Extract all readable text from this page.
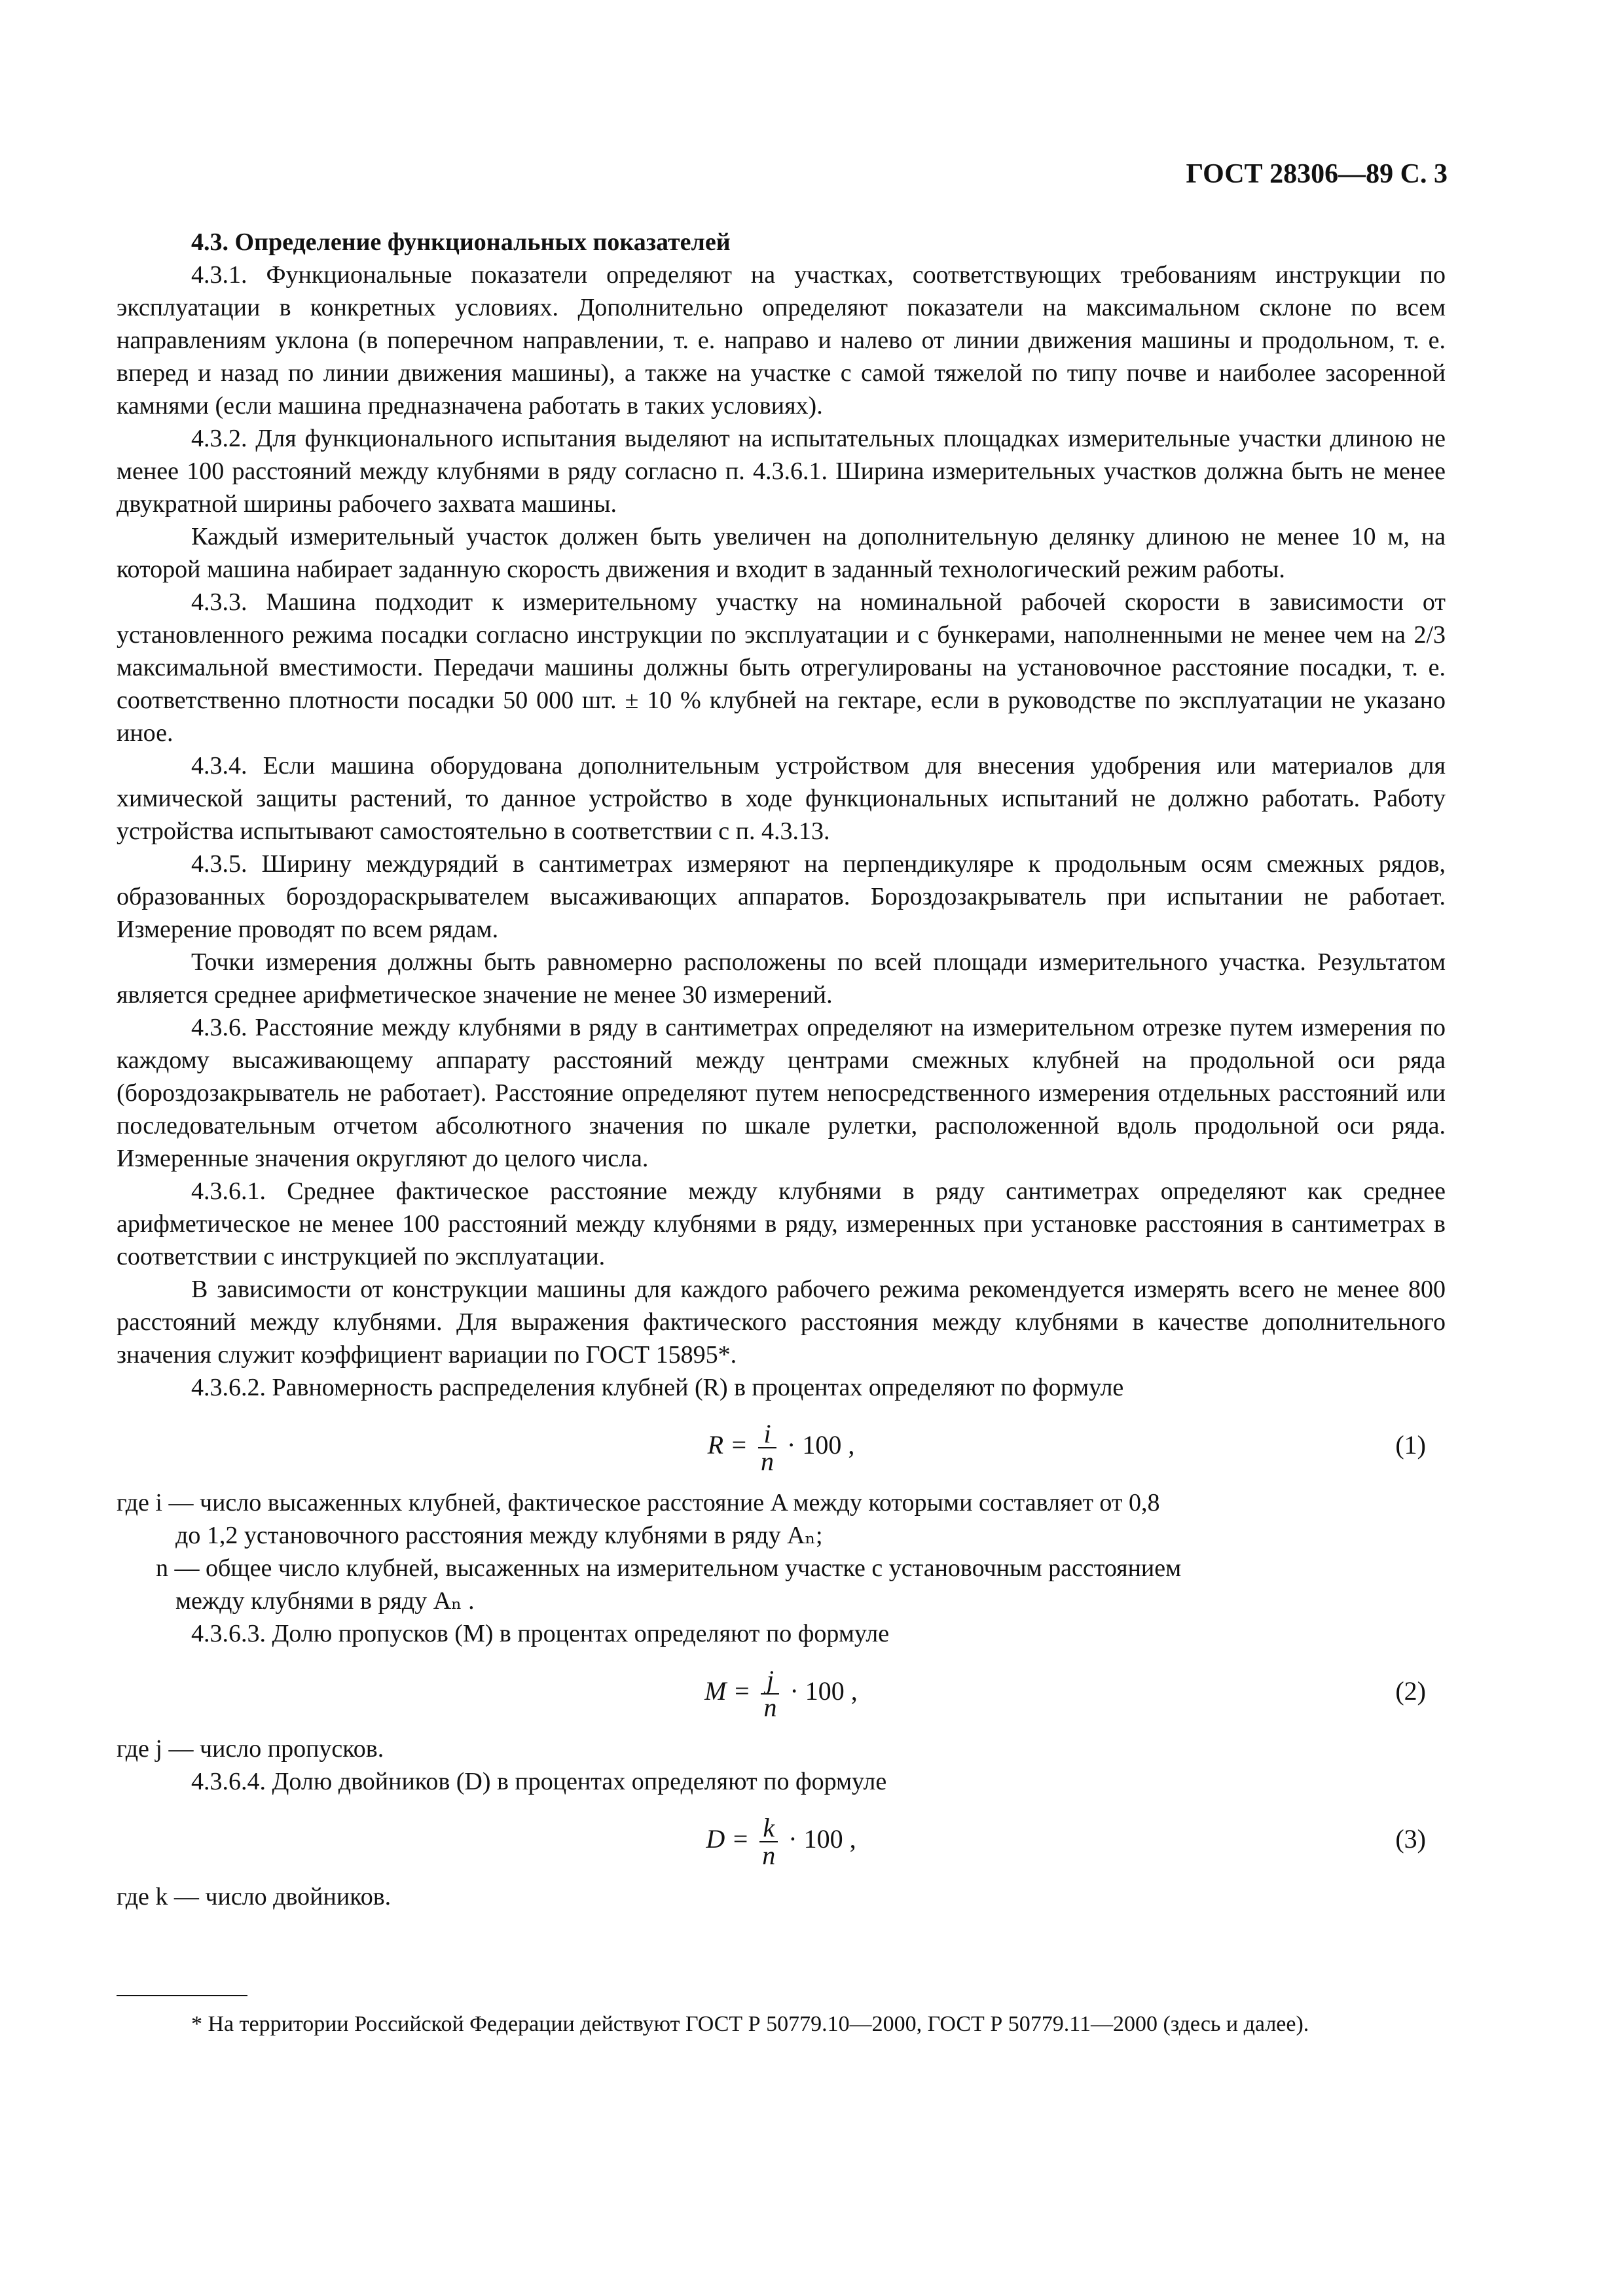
ГОСТ 28306—89 С. 3
4.3. Определение функциональных показателей

4.3.1. Функциональные показатели определяют на участках, соответствующих требованиям инструкции по эксплуатации в конкретных условиях. Дополнительно определяют показатели на максимальном склоне по всем направлениям уклона (в поперечном направлении, т. е. направо и налево от линии движения машины и продольном, т. е. вперед и назад по линии движения машины), а также на участке с самой тяжелой по типу почве и наиболее засоренной камнями (если машина предназначена работать в таких условиях).

4.3.2. Для функционального испытания выделяют на испытательных площадках измерительные участки длиною не менее 100 расстояний между клубнями в ряду согласно п. 4.3.6.1. Ширина измерительных участков должна быть не менее двукратной ширины рабочего захвата машины.

Каждый измерительный участок должен быть увеличен на дополнительную делянку длиною не менее 10 м, на которой машина набирает заданную скорость движения и входит в заданный технологический режим работы.

4.3.3. Машина подходит к измерительному участку на номинальной рабочей скорости в зависимости от установленного режима посадки согласно инструкции по эксплуатации и с бункерами, наполненными не менее чем на 2/3 максимальной вместимости. Передачи машины должны быть отрегулированы на установочное расстояние посадки, т. е. соответственно плотности посадки 50 000 шт. ± 10 % клубней на гектаре, если в руководстве по эксплуатации не указано иное.

4.3.4. Если машина оборудована дополнительным устройством для внесения удобрения или материалов для химической защиты растений, то данное устройство в ходе функциональных испытаний не должно работать. Работу устройства испытывают самостоятельно в соответствии с п. 4.3.13.

4.3.5. Ширину междурядий в сантиметрах измеряют на перпендикуляре к продольным осям смежных рядов, образованных бороздораскрывателем высаживающих аппаратов. Бороздозакрыватель при испытании не работает. Измерение проводят по всем рядам.

Точки измерения должны быть равномерно расположены по всей площади измерительного участка. Результатом является среднее арифметическое значение не менее 30 измерений.

4.3.6. Расстояние между клубнями в ряду в сантиметрах определяют на измерительном отрезке путем измерения по каждому высаживающему аппарату расстояний между центрами смежных клубней на продольной оси ряда (бороздозакрыватель не работает). Расстояние определяют путем непосредственного измерения отдельных расстояний или последовательным отчетом абсолютного значения по шкале рулетки, расположенной вдоль продольной оси ряда. Измеренные значения округляют до целого числа.

4.3.6.1. Среднее фактическое расстояние между клубнями в ряду сантиметрах определяют как среднее арифметическое не менее 100 расстояний между клубнями в ряду, измеренных при установке расстояния в сантиметрах в соответствии с инструкцией по эксплуатации.

В зависимости от конструкции машины для каждого рабочего режима рекомендуется измерять всего не менее 800 расстояний между клубнями. Для выражения фактического расстояния между клубнями в качестве дополнительного значения служит коэффициент вариации по ГОСТ 15895*.

4.3.6.2. Равномерность распределения клубней (R) в процентах определяют по формуле

$R = \frac{i}{n} \cdot 100$ ,	(1)

где i — число высаженных клубней, фактическое расстояние A между которыми составляет от 0,8

до 1,2 установочного расстояния между клубнями в ряду Aₙ;

n — общее число клубней, высаженных на измерительном участке с установочным расстоянием

между клубнями в ряду Aₙ .

4.3.6.3. Долю пропусков (M) в процентах определяют по формуле

$M = \frac{j}{n} \cdot 100$ ,	(2)

где j — число пропусков.

4.3.6.4. Долю двойников (D) в процентах определяют по формуле

$D = \frac{k}{n} \cdot 100$ ,	(3)

где k — число двойников.

* На территории Российской Федерации действуют ГОСТ Р 50779.10—2000, ГОСТ Р 50779.11—2000 (здесь и далее).
